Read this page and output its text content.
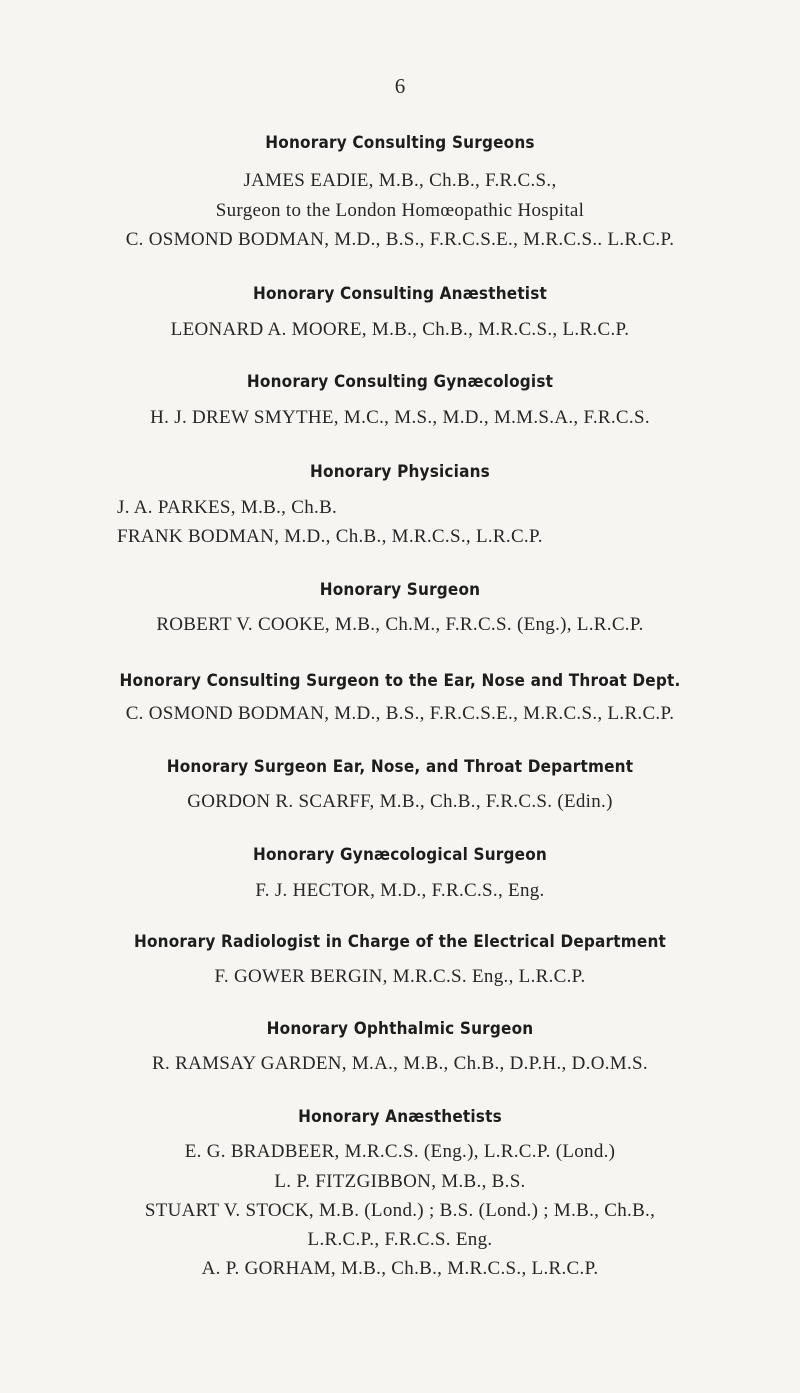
6
Honorary Consulting Surgeons
JAMES EADIE, M.B., Ch.B., F.R.C.S.,
Surgeon to the London Homœopathic Hospital
C. OSMOND BODMAN, M.D., B.S., F.R.C.S.E., M.R.C.S.. L.R.C.P.
Honorary Consulting Anæsthetist
LEONARD A. MOORE, M.B., Ch.B., M.R.C.S., L.R.C.P.
Honorary Consulting Gynæcologist
H. J. DREW SMYTHE, M.C., M.S., M.D., M.M.S.A., F.R.C.S.
Honorary Physicians
J. A. PARKES, M.B., Ch.B.
FRANK BODMAN, M.D., Ch.B., M.R.C.S., L.R.C.P.
Honorary Surgeon
ROBERT V. COOKE, M.B., Ch.M., F.R.C.S. (Eng.), L.R.C.P.
Honorary Consulting Surgeon to the Ear, Nose and Throat Dept.
C. OSMOND BODMAN, M.D., B.S., F.R.C.S.E., M.R.C.S., L.R.C.P.
Honorary Surgeon Ear, Nose, and Throat Department
GORDON R. SCARFF, M.B., Ch.B., F.R.C.S. (Edin.)
Honorary Gynæcological Surgeon
F. J. HECTOR, M.D., F.R.C.S., Eng.
Honorary Radiologist in Charge of the Electrical Department
F. GOWER BERGIN, M.R.C.S. Eng., L.R.C.P.
Honorary Ophthalmic Surgeon
R. RAMSAY GARDEN, M.A., M.B., Ch.B., D.P.H., D.O.M.S.
Honorary Anæsthetists
E. G. BRADBEER, M.R.C.S. (Eng.), L.R.C.P. (Lond.)
L. P. FITZGIBBON, M.B., B.S.
STUART V. STOCK, M.B. (Lond.) ; B.S. (Lond.) ; M.B., Ch.B.,
L.R.C.P., F.R.C.S. Eng.
A. P. GORHAM, M.B., Ch.B., M.R.C.S., L.R.C.P.
